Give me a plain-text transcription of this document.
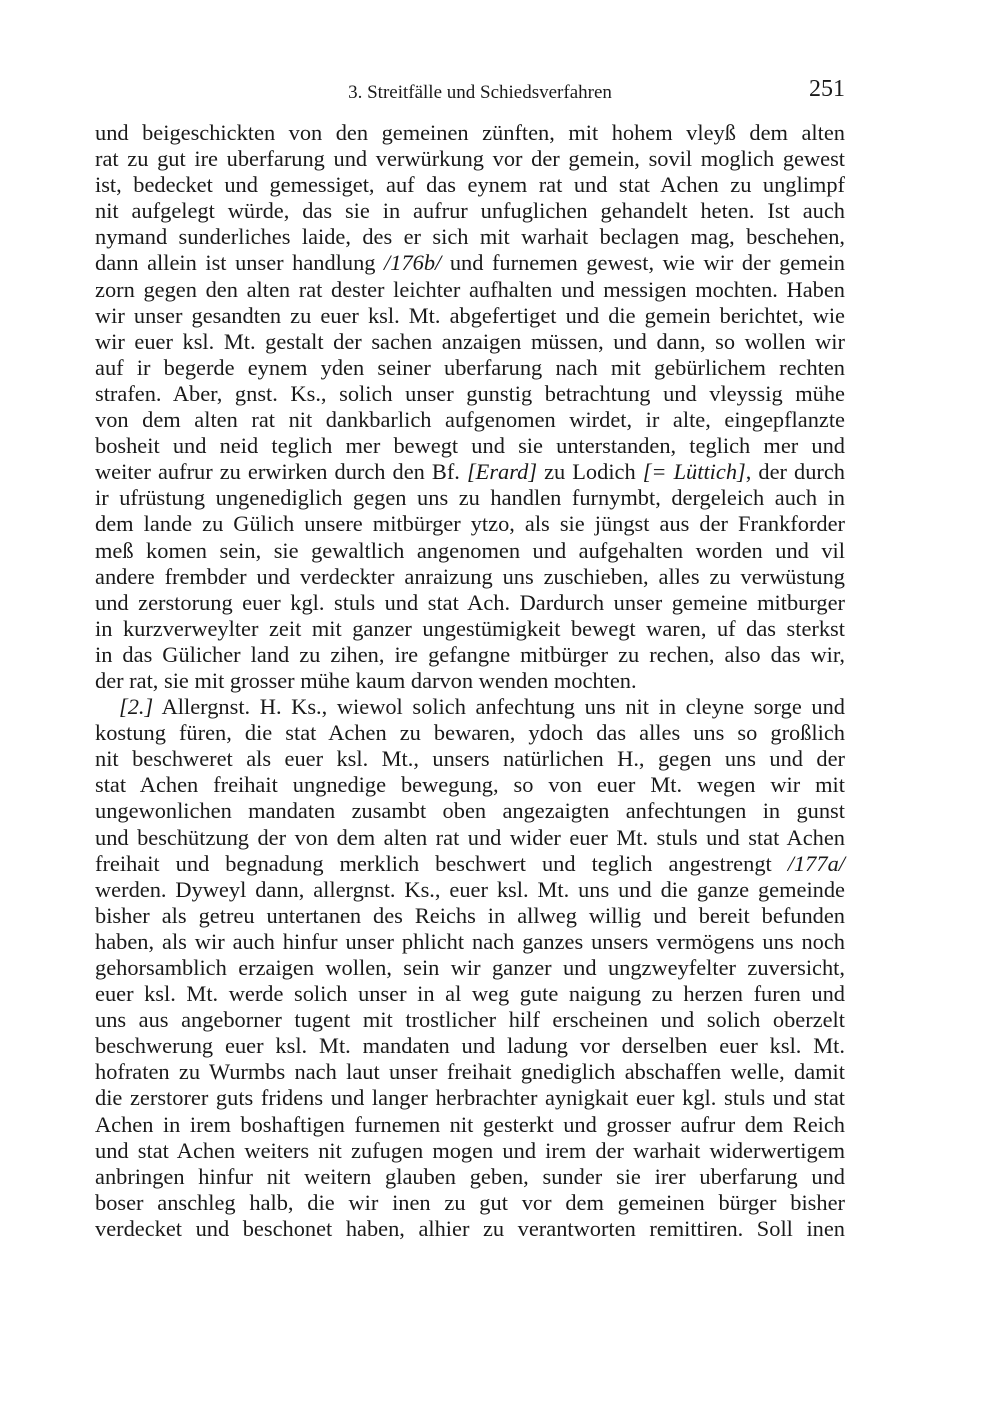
3. Streitfälle und Schiedsverfahren	251
und beigeschickten von den gemeinen zünften, mit hohem vleyß dem alten
rat zu gut ire uberfarung und verwürkung vor der gemein, sovil moglich gewest
ist, bedecket und gemessiget, auf das eynem rat und stat Achen zu unglimpf
nit aufgelegt würde, das sie in aufrur unfuglichen gehandelt heten. Ist auch
nymand sunderliches laide, des er sich mit warhait beclagen mag, beschehen,
dann allein ist unser handlung /176b/ und furnemen gewest, wie wir der gemein
zorn gegen den alten rat dester leichter aufhalten und messigen mochten. Haben
wir unser gesandten zu euer ksl. Mt. abgefertiget und die gemein berichtet, wie
wir euer ksl. Mt. gestalt der sachen anzaigen müssen, und dann, so wollen wir
auf ir begerde eynem yden seiner uberfarung nach mit gebürlichem rechten
strafen. Aber, gnst. Ks., solich unser gunstig betrachtung und vleyssig mühe
von dem alten rat nit dankbarlich aufgenomen wirdet, ir alte, eingepflanzte
bosheit und neid teglich mer bewegt und sie unterstanden, teglich mer und
weiter aufrur zu erwirken durch den Bf. [Erard] zu Lodich [= Lüttich], der durch
ir ufrüstung ungenediglich gegen uns zu handlen furnymbt, dergeleich auch in
dem lande zu Gülich unsere mitbürger ytzo, als sie jüngst aus der Frankforder
meß komen sein, sie gewaltlich angenomen und aufgehalten worden und vil
andere frembder und verdeckter anraizung uns zuschieben, alles zu verwüstung
und zerstorung euer kgl. stuls und stat Ach. Dardurch unser gemeine mitburger
in kurzverweylter zeit mit ganzer ungestümigkeit bewegt waren, uf das sterkst
in das Gülicher land zu zihen, ire gefangne mitbürger zu rechen, also das wir,
der rat, sie mit grosser mühe kaum darvon wenden mochten.
[2.] Allergnst. H. Ks., wiewol solich anfechtung uns nit in cleyne sorge und
kostung füren, die stat Achen zu bewaren, ydoch das alles uns so großlich
nit beschweret als euer ksl. Mt., unsers natürlichen H., gegen uns und der
stat Achen freihait ungnedige bewegung, so von euer Mt. wegen wir mit
ungewonlichen mandaten zusambt oben angezaigten anfechtungen in gunst
und beschützung der von dem alten rat und wider euer Mt. stuls und stat Achen
freihait und begnadung merklich beschwert und teglich angestrengt /177a/
werden. Dyweyl dann, allergnst. Ks., euer ksl. Mt. uns und die ganze gemeinde
bisher als getreu untertanen des Reichs in allweg willig und bereit befunden
haben, als wir auch hinfur unser phlicht nach ganzes unsers vermögens uns noch
gehorsamblich erzaigen wollen, sein wir ganzer und ungzweyfelter zuversicht,
euer ksl. Mt. werde solich unser in al weg gute naigung zu herzen furen und
uns aus angeborner tugent mit trostlicher hilf erscheinen und solich oberzelt
beschwerung euer ksl. Mt. mandaten und ladung vor derselben euer ksl. Mt.
hofraten zu Wurmbs nach laut unser freihait gnediglich abschaffen welle, damit
die zerstorer guts fridens und langer herbrachter aynigkait euer kgl. stuls und stat
Achen in irem boshaftigen furnemen nit gesterkt und grosser aufrur dem Reich
und stat Achen weiters nit zufugen mogen und irem der warhait widerwertigem
anbringen hinfur nit weitern glauben geben, sunder sie irer uberfarung und
boser anschleg halb, die wir inen zu gut vor dem gemeinen bürger bisher
verdecket und beschonet haben, alhier zu verantworten remittiren. Soll inen
